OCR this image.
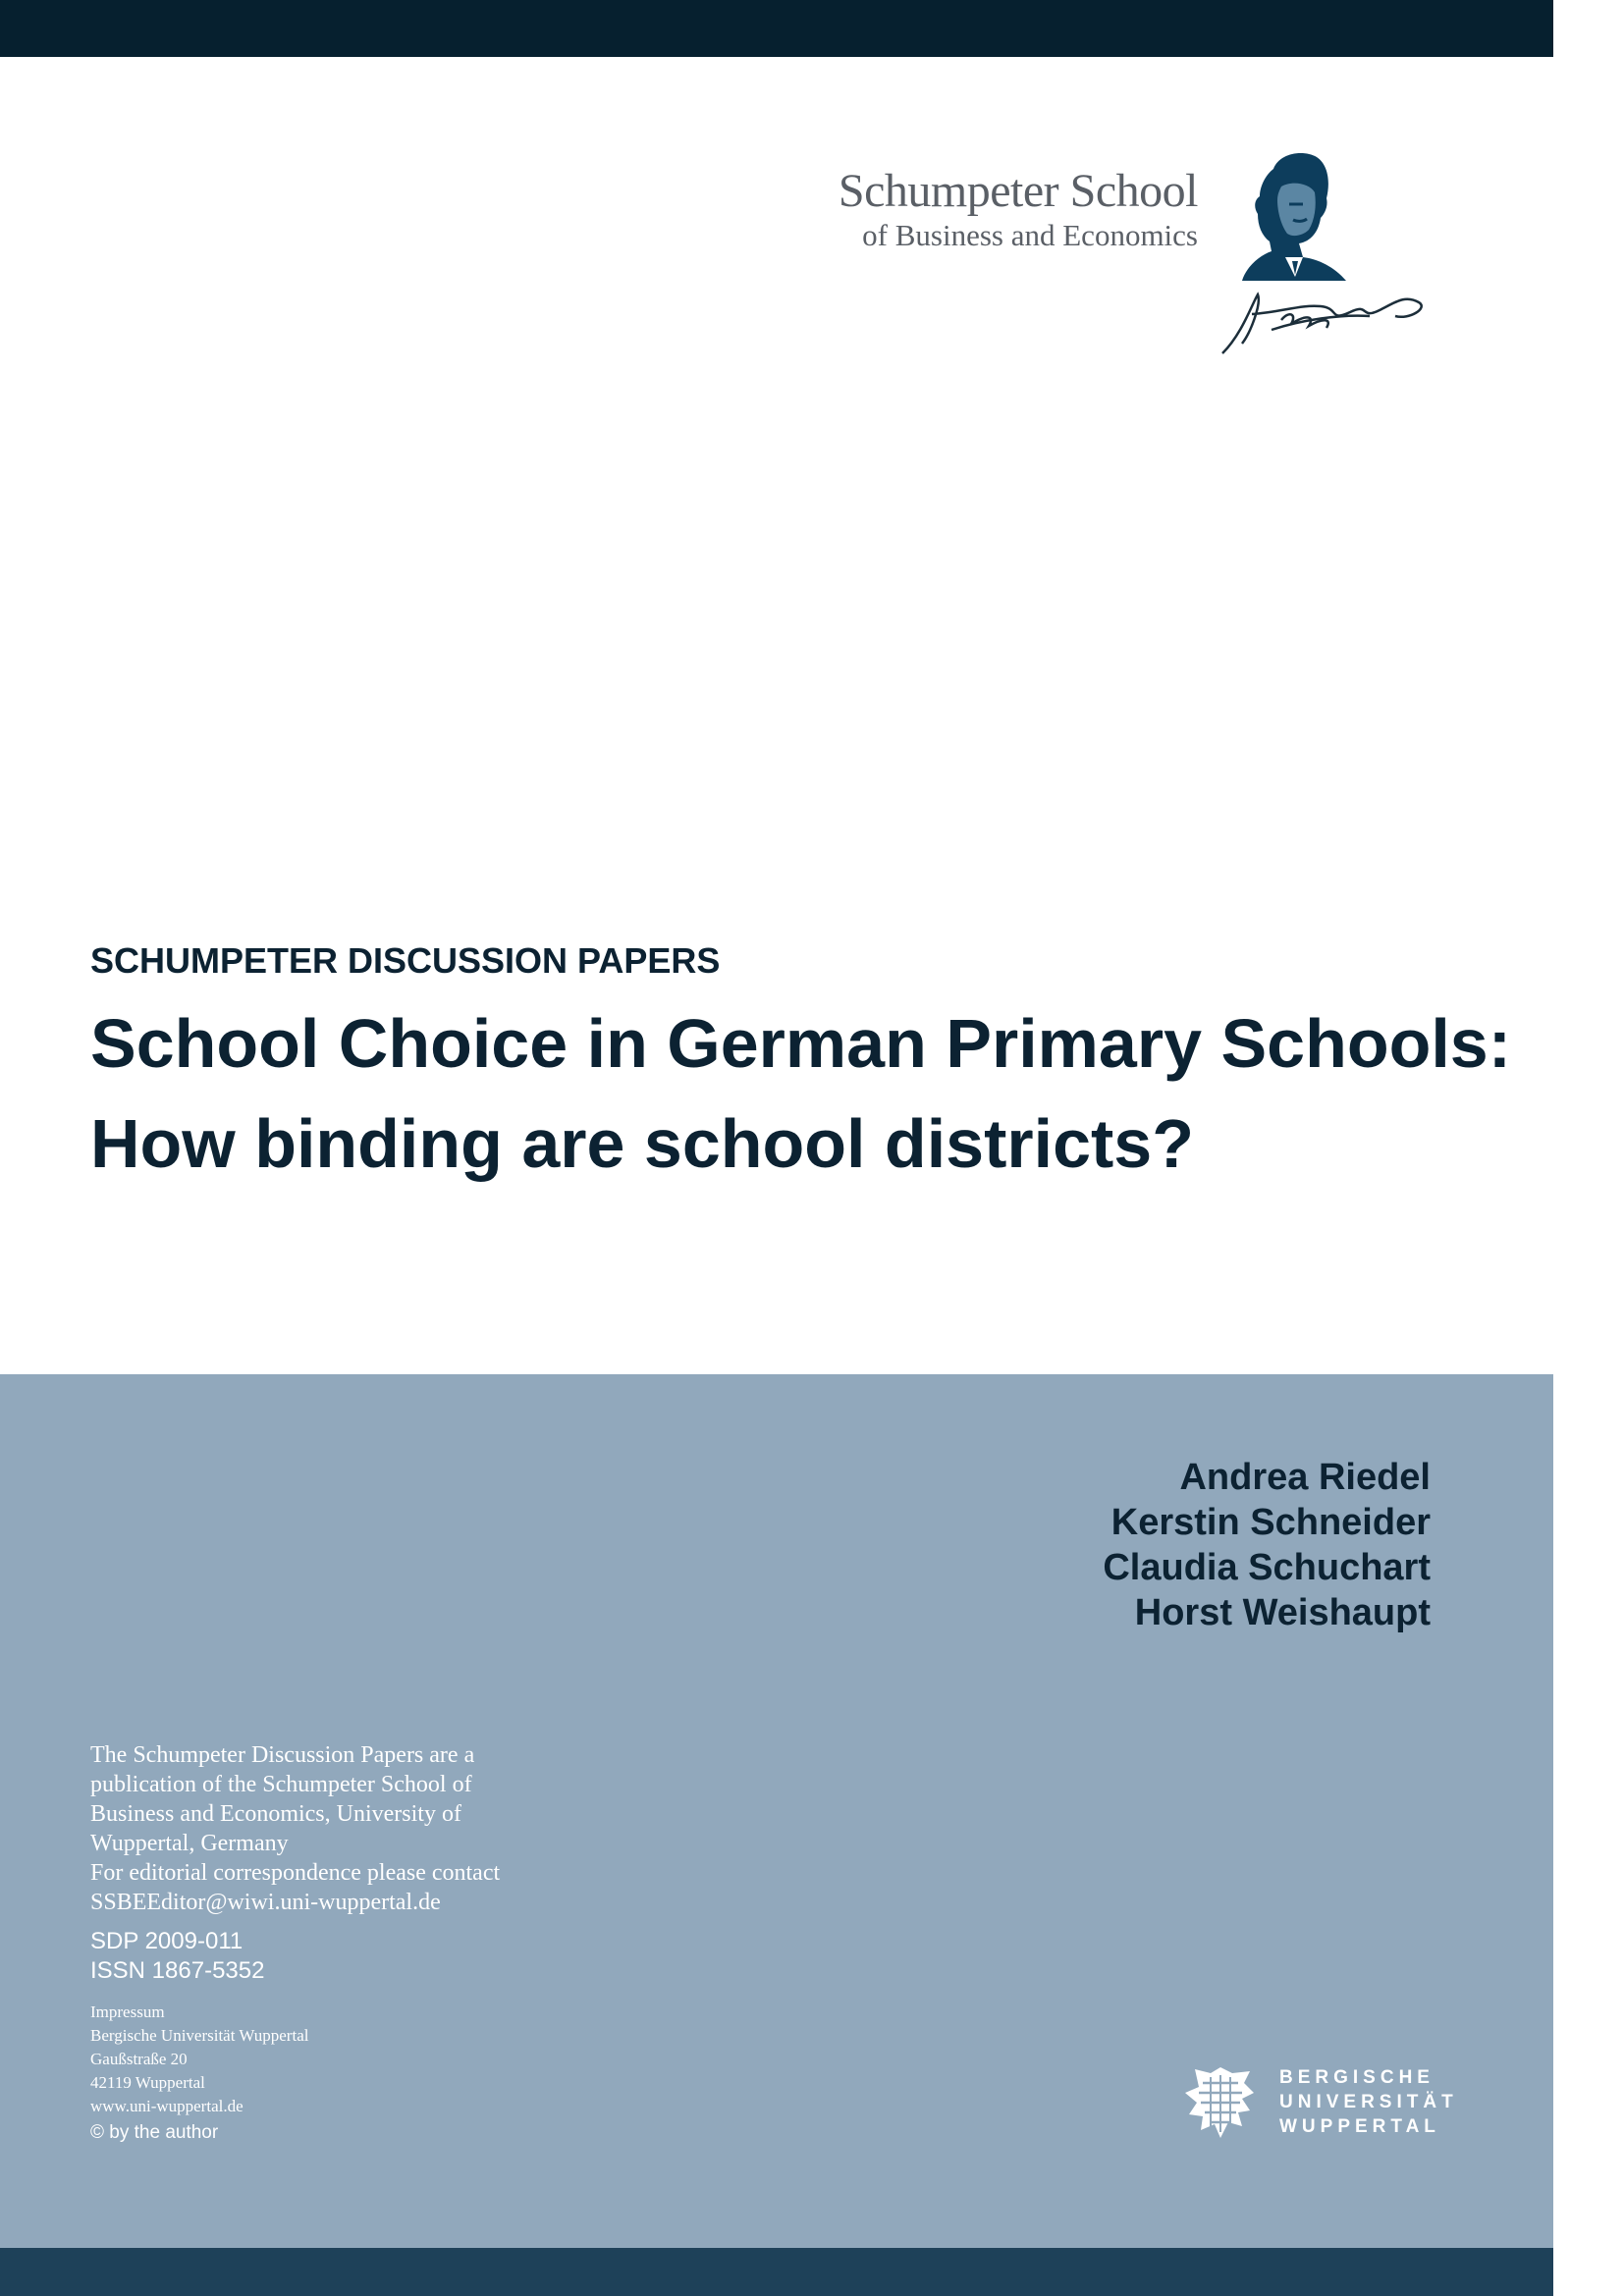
Schumpeter School
of Business and Economics
SCHUMPETER DISCUSSION PAPERS
School Choice in German Primary Schools:
How binding are school districts?
Andrea Riedel
Kerstin Schneider
Claudia Schuchart
Horst Weishaupt
The Schumpeter Discussion Papers are a
publication of the Schumpeter School of
Business and Economics, University of
Wuppertal, Germany
For editorial correspondence please contact
SSBEEditor@wiwi.uni-wuppertal.de
SDP 2009-011
ISSN 1867-5352
Impressum
Bergische Universität Wuppertal
Gaußstraße 20
42119 Wuppertal
www.uni-wuppertal.de
© by the author
BERGISCHE
UNIVERSITÄT
WUPPERTAL
